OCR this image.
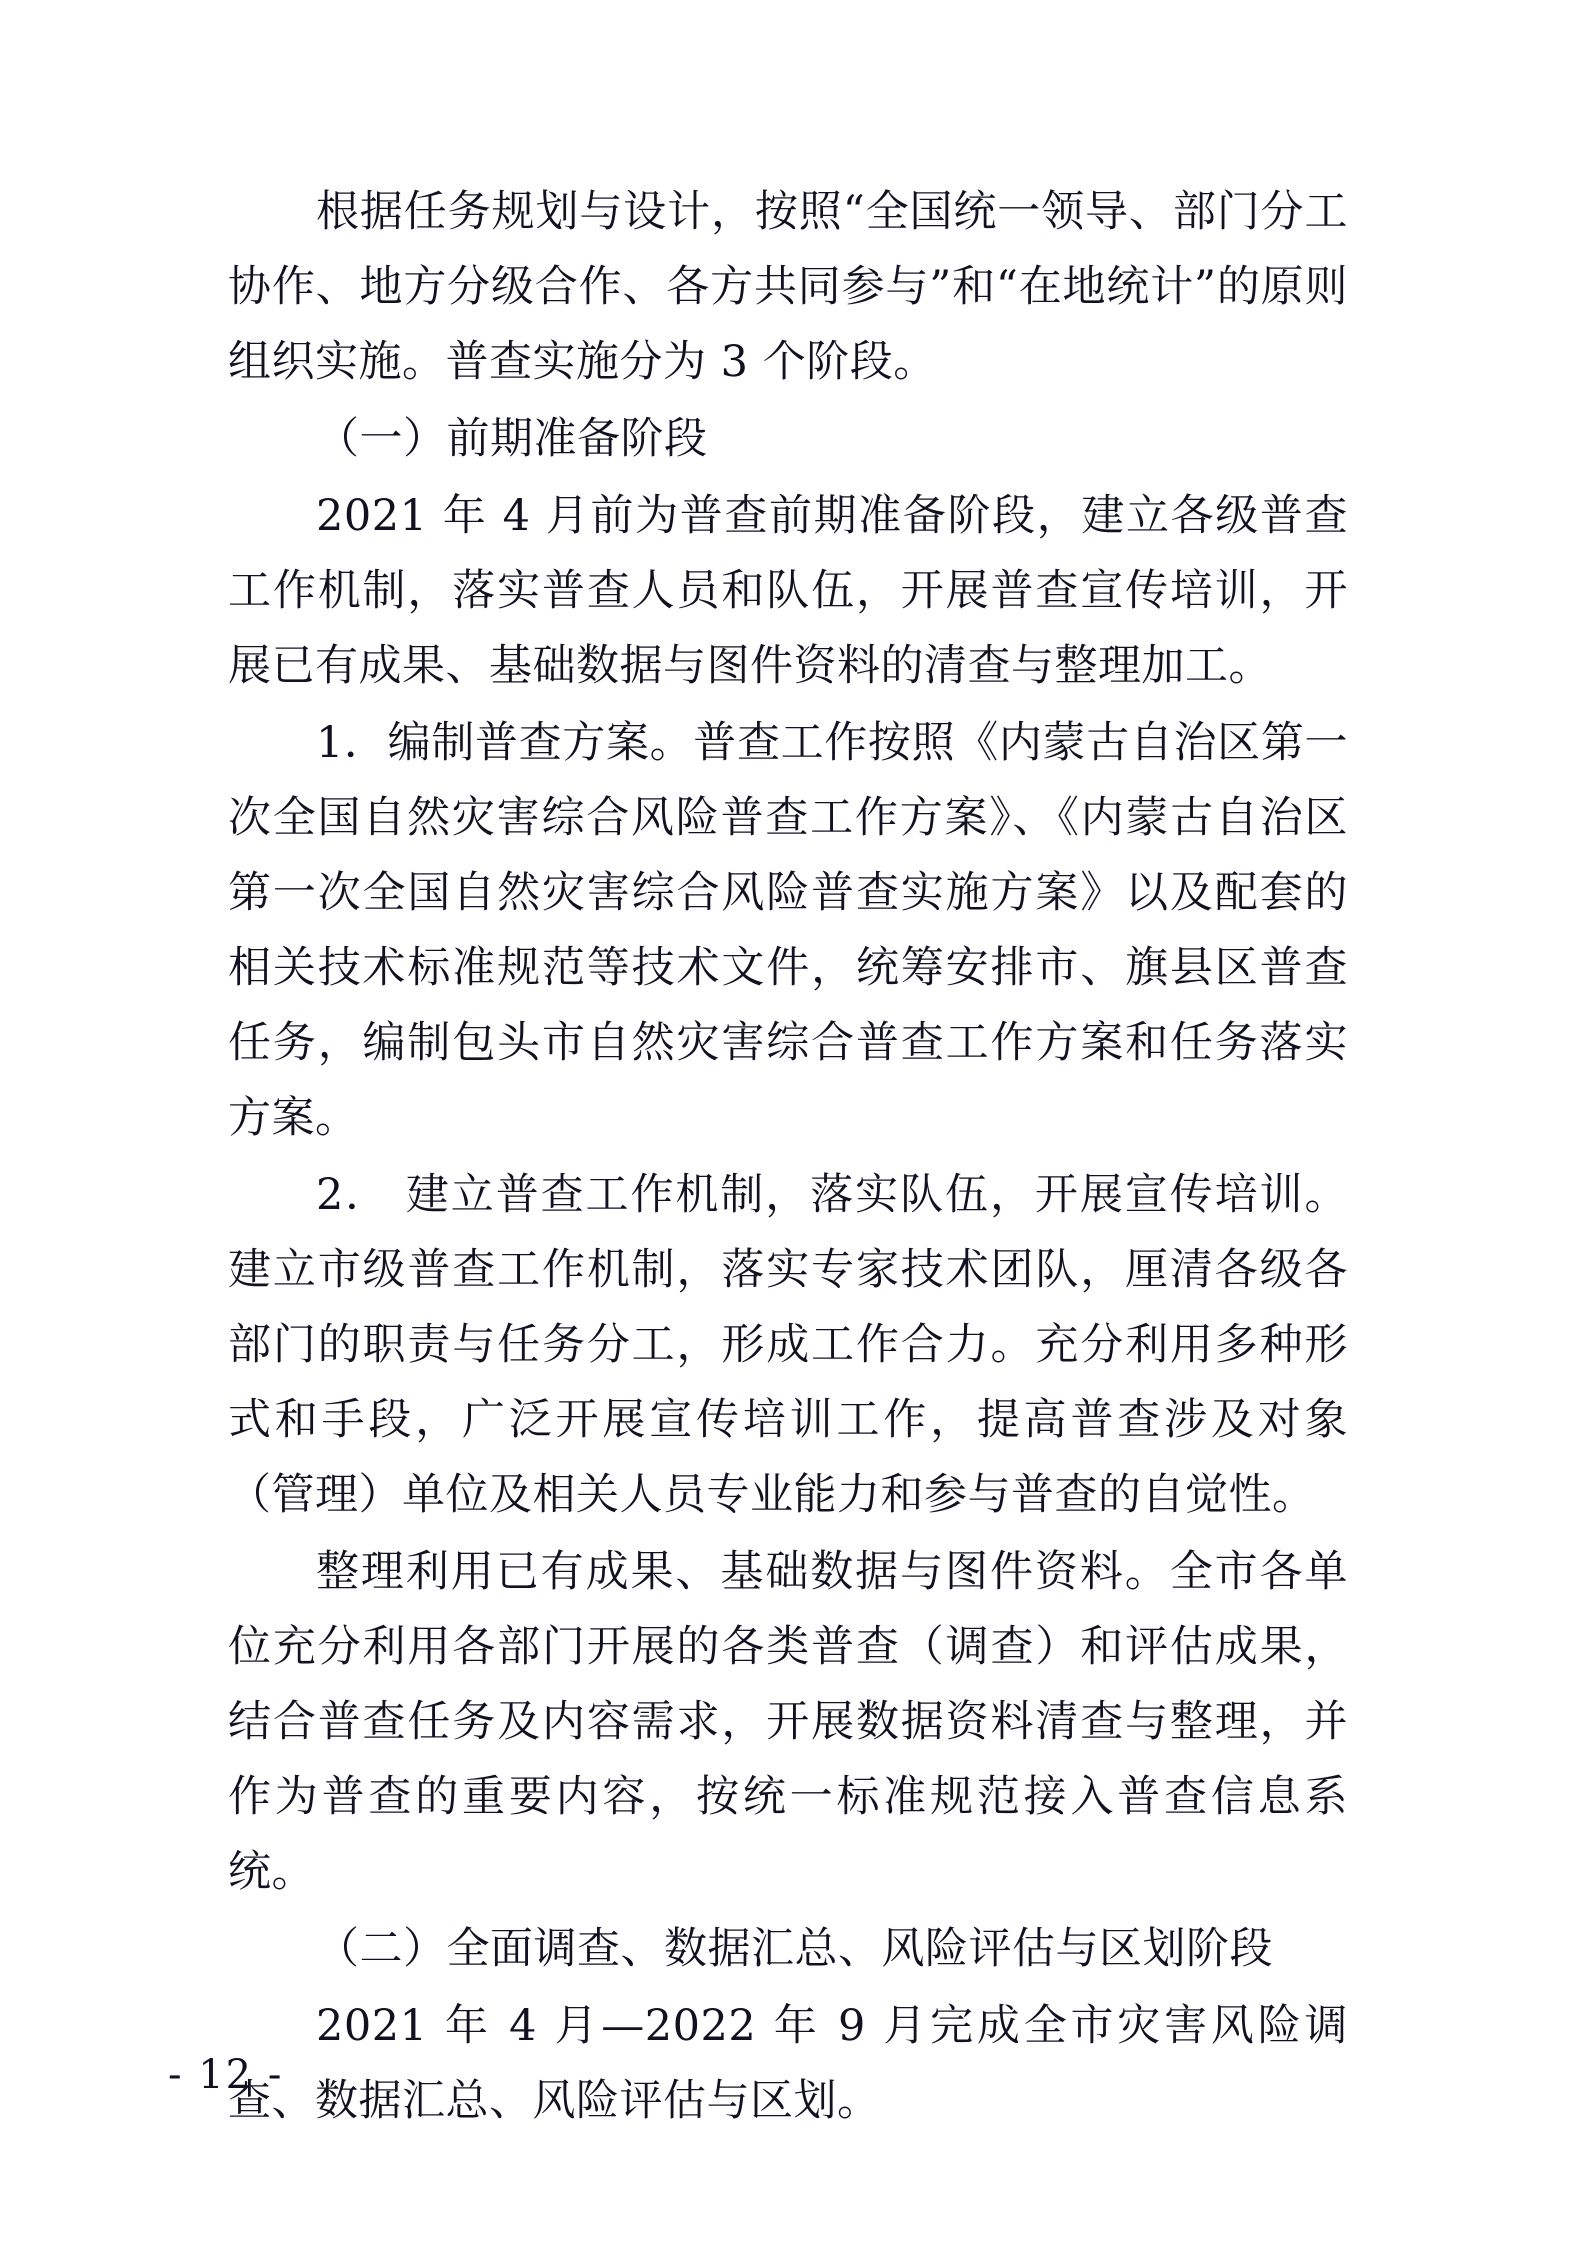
根据任务规划与设计，按照“全国统一领导、部门分工协作、地方分级合作、各方共同参与”和“在地统计”的原则组织实施。普查实施分为 3 个阶段。

（一）前期准备阶段

2021 年 4 月前为普查前期准备阶段，建立各级普查工作机制，落实普查人员和队伍，开展普查宣传培训，开展已有成果、基础数据与图件资料的清查与整理加工。

1．编制普查方案。普查工作按照《内蒙古自治区第一次全国自然灾害综合风险普查工作方案》、《内蒙古自治区第一次全国自然灾害综合风险普查实施方案》以及配套的相关技术标准规范等技术文件，统筹安排市、旗县区普查任务，编制包头市自然灾害综合普查工作方案和任务落实方案。

2． 建立普查工作机制，落实队伍，开展宣传培训。建立市级普查工作机制，落实专家技术团队，厘清各级各部门的职责与任务分工，形成工作合力。充分利用多种形式和手段，广泛开展宣传培训工作，提高普查涉及对象（管理）单位及相关人员专业能力和参与普查的自觉性。

整理利用已有成果、基础数据与图件资料。全市各单位充分利用各部门开展的各类普查（调查）和评估成果，结合普查任务及内容需求，开展数据资料清查与整理，并作为普查的重要内容，按统一标准规范接入普查信息系统。

（二）全面调查、数据汇总、风险评估与区划阶段

2021 年 4 月—2022 年 9 月完成全市灾害风险调查、数据汇总、风险评估与区划。

- 12 -
